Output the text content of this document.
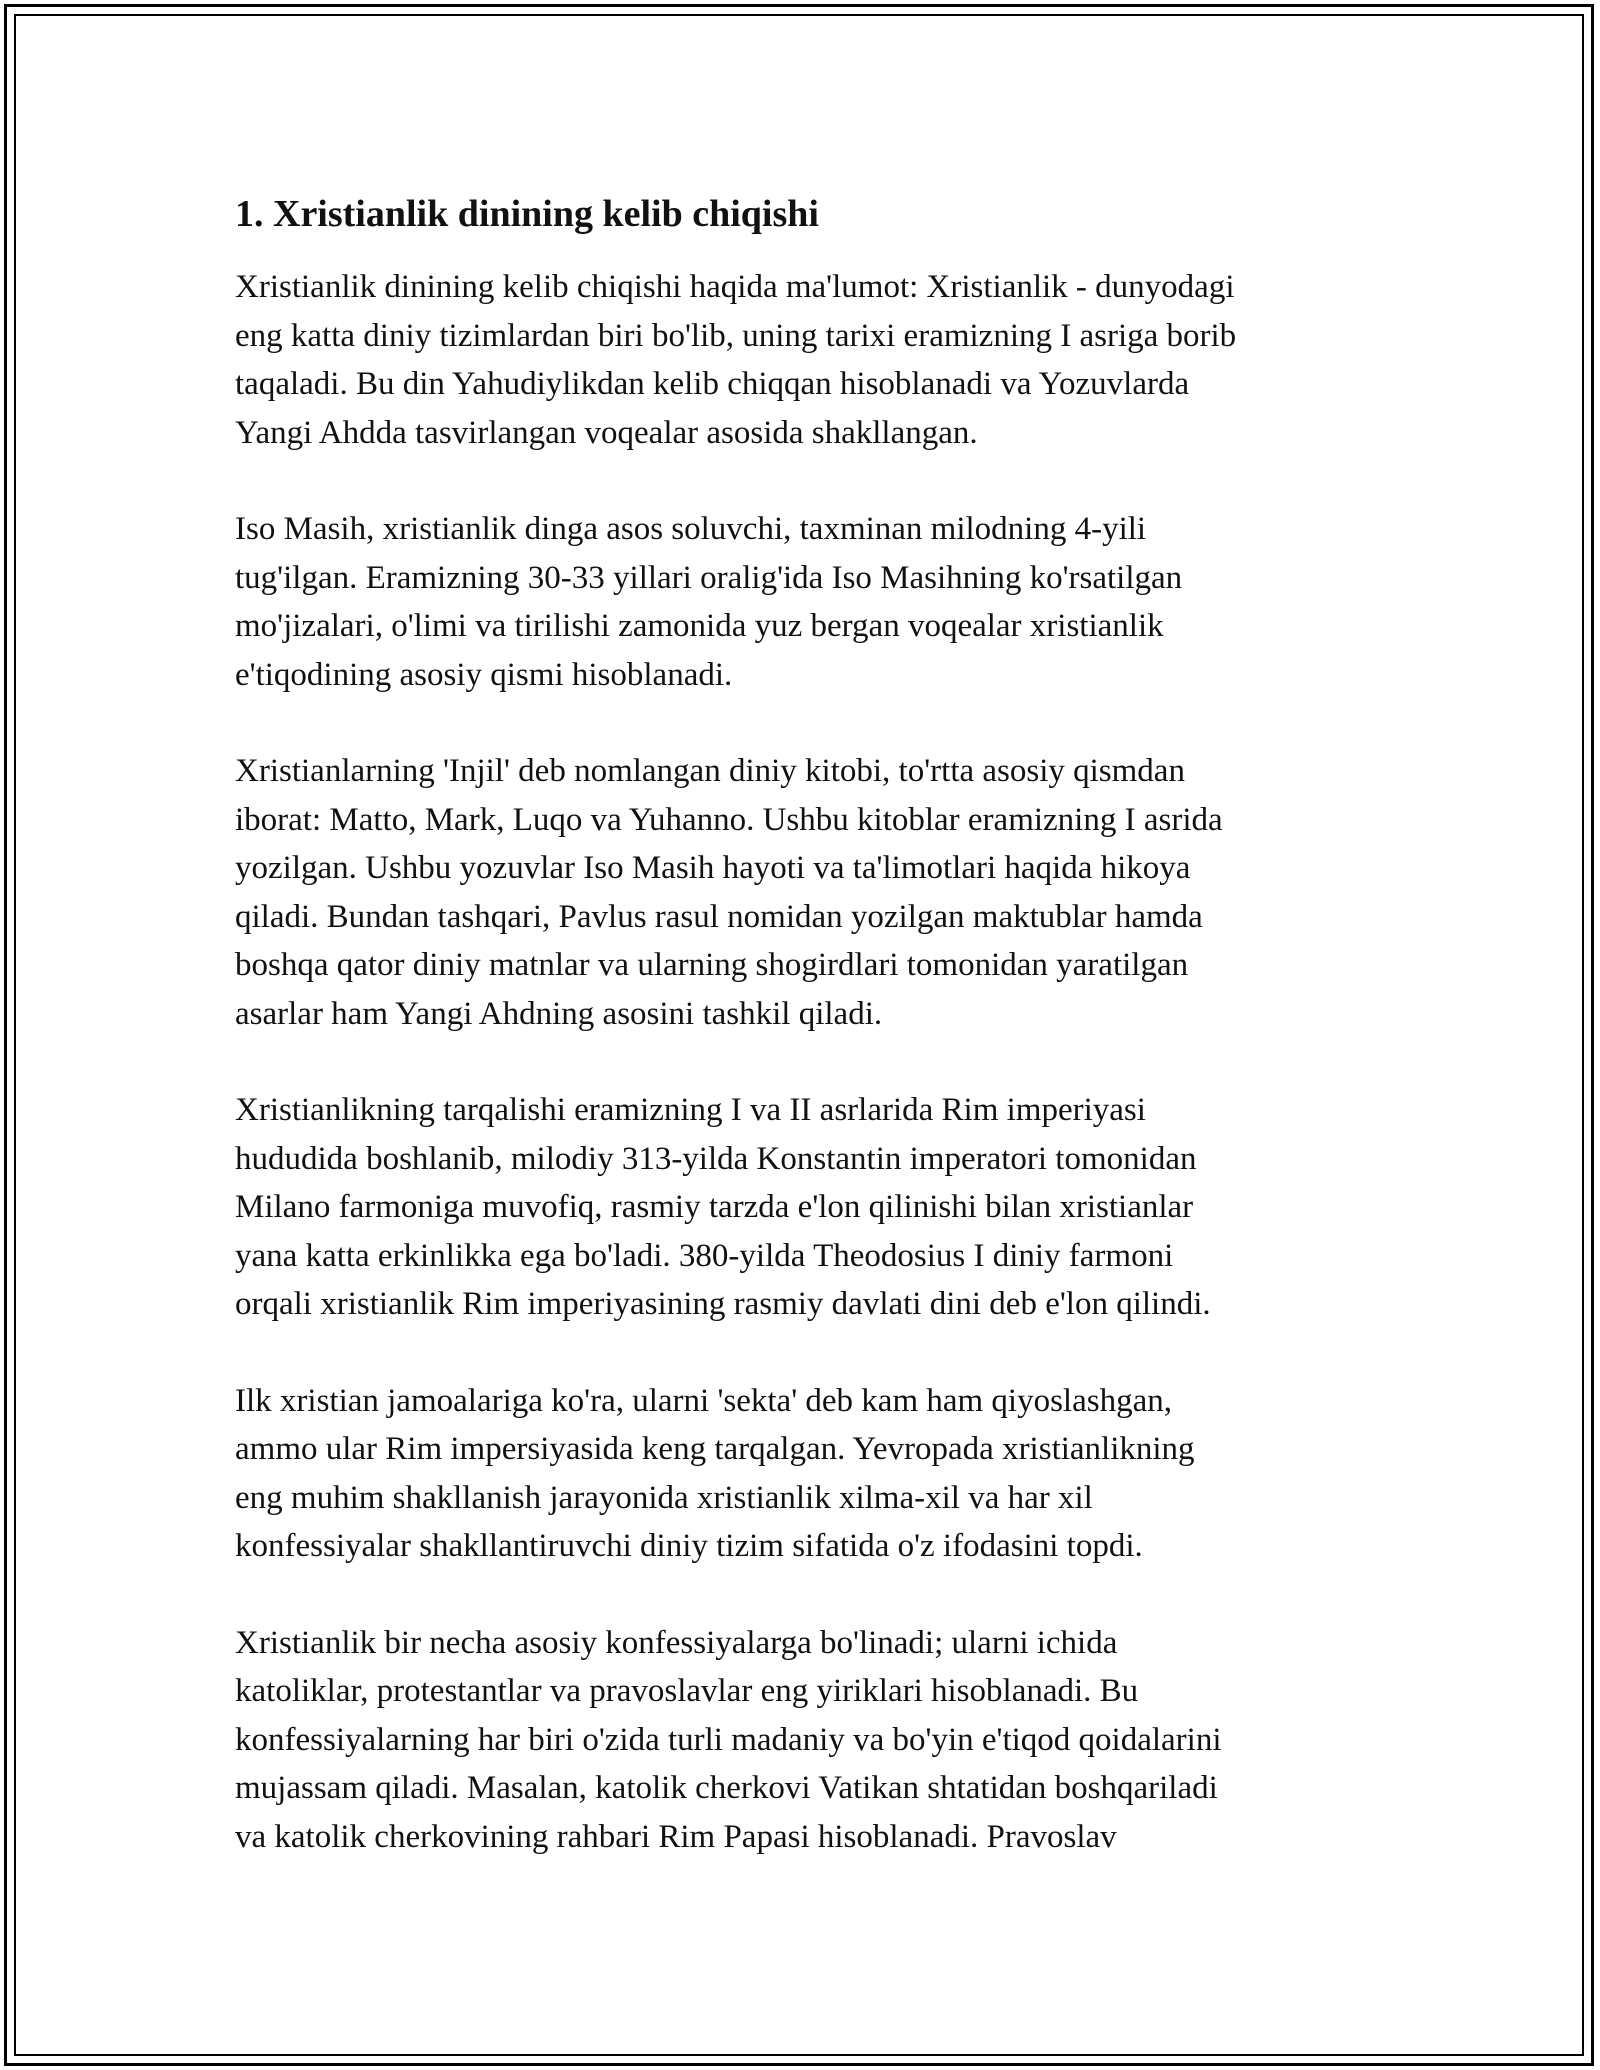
1. Xristianlik dinining kelib chiqishi

Xristianlik dinining kelib chiqishi haqida ma'lumot: Xristianlik - dunyodagi
eng katta diniy tizimlardan biri bo'lib, uning tarixi eramizning I asriga borib
taqaladi. Bu din Yahudiylikdan kelib chiqqan hisoblanadi va Yozuvlarda
Yangi Ahdda tasvirlangan voqealar asosida shakllangan.

Iso Masih, xristianlik dinga asos soluvchi, taxminan milodning 4-yili
tug'ilgan. Eramizning 30-33 yillari oralig'ida Iso Masihning ko'rsatilgan
mo'jizalari, o'limi va tirilishi zamonida yuz bergan voqealar xristianlik
e'tiqodining asosiy qismi hisoblanadi.

Xristianlarning 'Injil' deb nomlangan diniy kitobi, to'rtta asosiy qismdan
iborat: Matto, Mark, Luqo va Yuhanno. Ushbu kitoblar eramizning I asrida
yozilgan. Ushbu yozuvlar Iso Masih hayoti va ta'limotlari haqida hikoya
qiladi. Bundan tashqari, Pavlus rasul nomidan yozilgan maktublar hamda
boshqa qator diniy matnlar va ularning shogirdlari tomonidan yaratilgan
asarlar ham Yangi Ahdning asosini tashkil qiladi.

Xristianlikning tarqalishi eramizning I va II asrlarida Rim imperiyasi
hududida boshlanib, milodiy 313-yilda Konstantin imperatori tomonidan
Milano farmoniga muvofiq, rasmiy tarzda e'lon qilinishi bilan xristianlar
yana katta erkinlikka ega bo'ladi. 380-yilda Theodosius I diniy farmoni
orqali xristianlik Rim imperiyasining rasmiy davlati dini deb e'lon qilindi.

Ilk xristian jamoalariga ko'ra, ularni 'sekta' deb kam ham qiyoslashgan,
ammo ular Rim impersiyasida keng tarqalgan. Yevropada xristianlikning
eng muhim shakllanish jarayonida xristianlik xilma-xil va har xil
konfessiyalar shakllantiruvchi diniy tizim sifatida o'z ifodasini topdi.

Xristianlik bir necha asosiy konfessiyalarga bo'linadi; ularni ichida
katoliklar, protestantlar va pravoslavlar eng yiriklari hisoblanadi. Bu
konfessiyalarning har biri o'zida turli madaniy va bo'yin e'tiqod qoidalarini
mujassam qiladi. Masalan, katolik cherkovi Vatikan shtatidan boshqariladi
va katolik cherkovining rahbari Rim Papasi hisoblanadi. Pravoslav
